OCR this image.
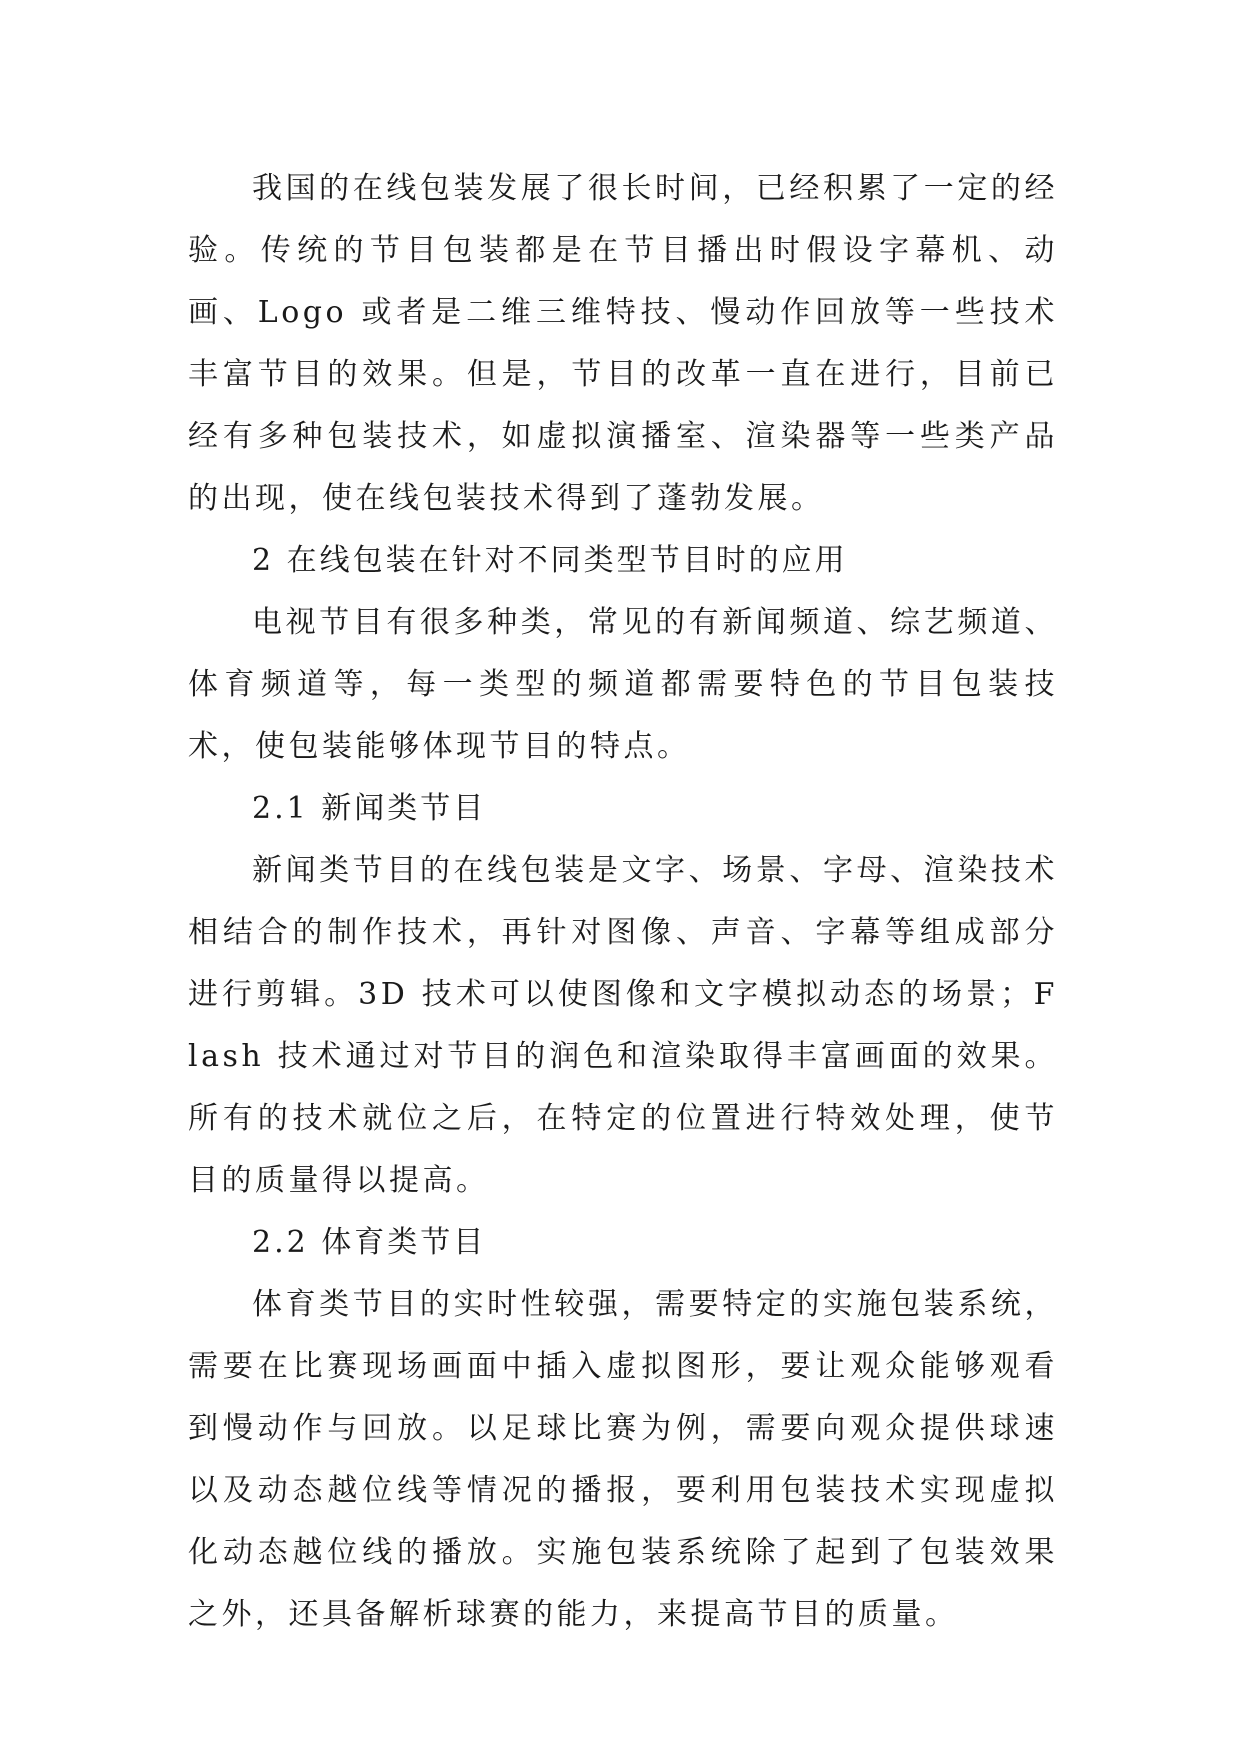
我国的在线包装发展了很长时间，已经积累了一定的经验。传统的节目包装都是在节目播出时假设字幕机、动画、Logo 或者是二维三维特技、慢动作回放等一些技术丰富节目的效果。但是，节目的改革一直在进行，目前已经有多种包装技术，如虚拟演播室、渲染器等一些类产品的出现，使在线包装技术得到了蓬勃发展。

2 在线包装在针对不同类型节目时的应用

电视节目有很多种类，常见的有新闻频道、综艺频道、体育频道等，每一类型的频道都需要特色的节目包装技术，使包装能够体现节目的特点。

2.1 新闻类节目

新闻类节目的在线包装是文字、场景、字母、渲染技术相结合的制作技术，再针对图像、声音、字幕等组成部分进行剪辑。3D 技术可以使图像和文字模拟动态的场景；Flash 技术通过对节目的润色和渲染取得丰富画面的效果。所有的技术就位之后，在特定的位置进行特效处理，使节目的质量得以提高。

2.2 体育类节目

体育类节目的实时性较强，需要特定的实施包装系统，需要在比赛现场画面中插入虚拟图形，要让观众能够观看到慢动作与回放。以足球比赛为例，需要向观众提供球速以及动态越位线等情况的播报，要利用包装技术实现虚拟化动态越位线的播放。实施包装系统除了起到了包装效果之外，还具备解析球赛的能力，来提高节目的质量。
